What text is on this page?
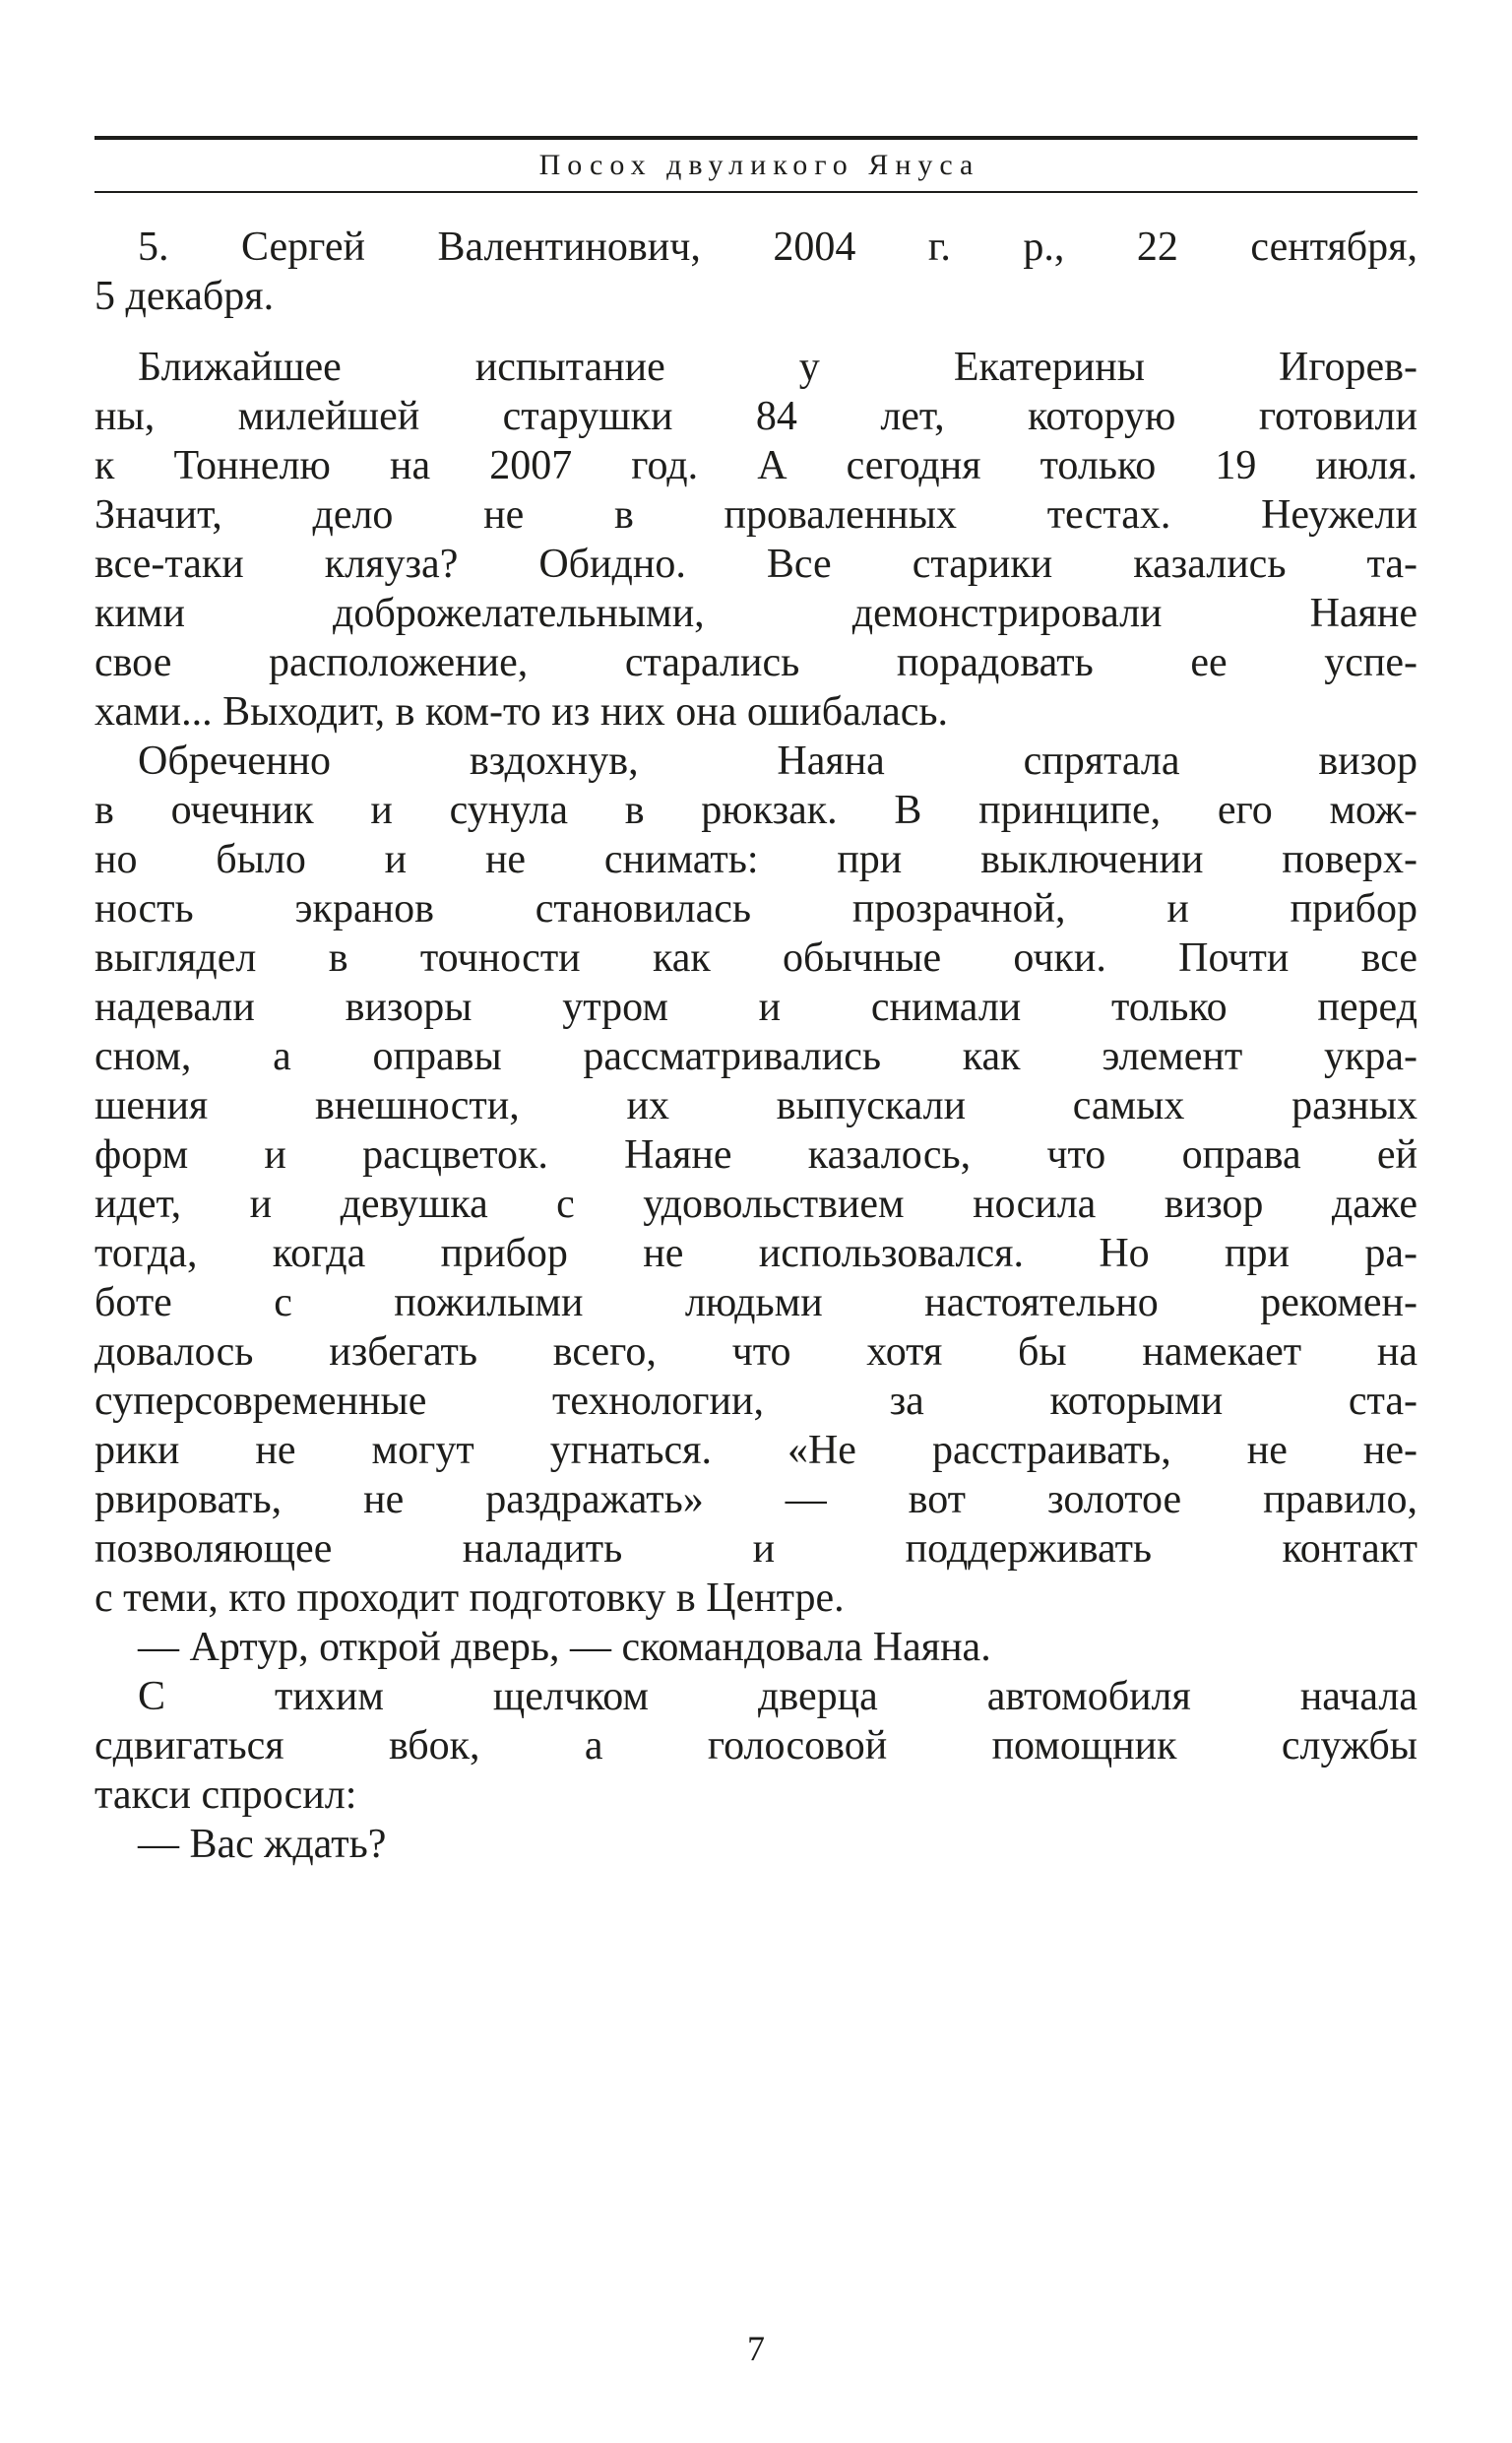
Посох двуликого Януса
5. Сергей Валентинович, 2004 г. р., 22 сентября,
5 декабря.
Ближайшее испытание у Екатерины Игорев-
ны, милейшей старушки 84 лет, которую готовили
к Тоннелю на 2007 год. А сегодня только 19 июля.
Значит, дело не в проваленных тестах. Неужели
все-таки кляуза? Обидно. Все старики казались та-
кими доброжелательными, демонстрировали Наяне
свое расположение, старались порадовать ее успе-
хами... Выходит, в ком-то из них она ошибалась.
Обреченно вздохнув, Наяна спрятала визор
в очечник и сунула в рюкзак. В принципе, его мож-
но было и не снимать: при выключении поверх-
ность экранов становилась прозрачной, и прибор
выглядел в точности как обычные очки. Почти все
надевали визоры утром и снимали только перед
сном, а оправы рассматривались как элемент укра-
шения внешности, их выпускали самых разных
форм и расцветок. Наяне казалось, что оправа ей
идет, и девушка с удовольствием носила визор даже
тогда, когда прибор не использовался. Но при ра-
боте с пожилыми людьми настоятельно рекомен-
довалось избегать всего, что хотя бы намекает на
суперсовременные технологии, за которыми ста-
рики не могут угнаться. «Не расстраивать, не не-
рвировать, не раздражать» — вот золотое правило,
позволяющее наладить и поддерживать контакт
с теми, кто проходит подготовку в Центре.
— Артур, открой дверь, — скомандовала Наяна.
С тихим щелчком дверца автомобиля начала
сдвигаться вбок, а голосовой помощник службы
такси спросил:
— Вас ждать?
7
